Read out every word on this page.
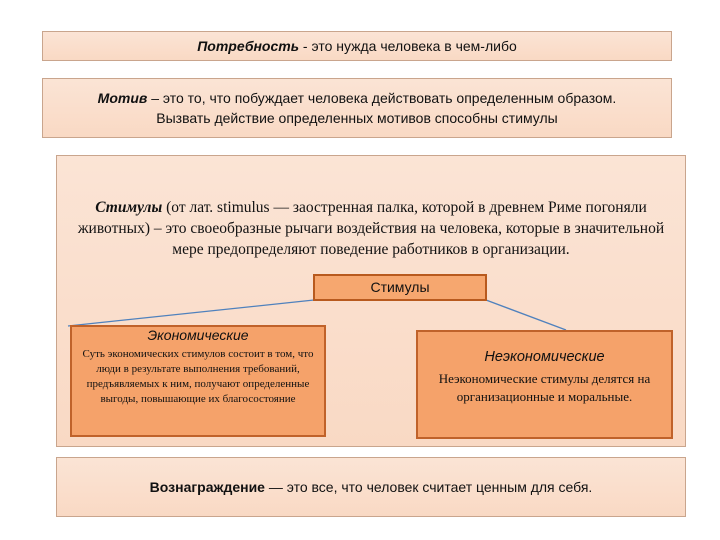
Потребность - это нужда человека в чем-либо
Мотив – это то, что побуждает человека действовать определенным образом.
Вызвать действие определенных мотивов способны стимулы
Стимулы (от лат. stimulus — заостренная палка, которой в древнем Риме погоняли животных) – это своеобразные рычаги воздействия на человека, которые в значительной мере предопределяют поведение работников в организации.
Стимулы
Экономические
Суть экономических стимулов состоит в том, что люди в результате выполнения требований, предъявляемых к ним, получают определенные выгоды, повышающие их благосостояние
Неэкономические
Неэкономические стимулы делятся на организационные и моральные.
Вознаграждение — это все, что человек считает ценным для себя.
